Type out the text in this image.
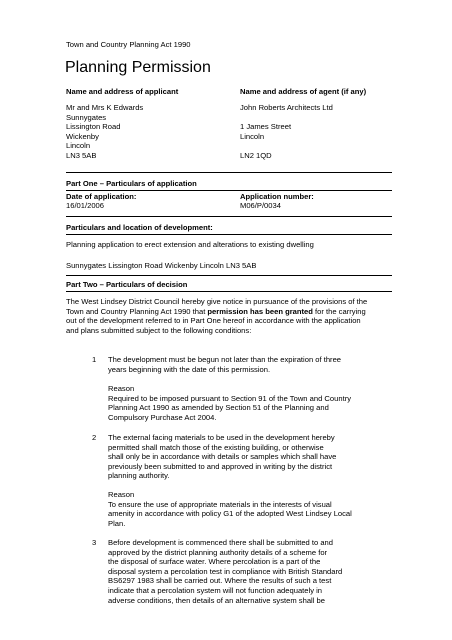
Town and Country Planning Act 1990
Planning Permission
Name and address of applicant
Mr and Mrs K Edwards
Sunnygates
Lissington Road
Wickenby
Lincoln
LN3 5AB
Name and address of agent (if any)
John Roberts Architects Ltd
1 James Street
Lincoln
LN2 1QD
Part One – Particulars of application
Date of application:
16/01/2006
Application number:
M06/P/0034
Particulars and location of development:
Planning application to erect extension and alterations to existing dwelling
Sunnygates Lissington Road Wickenby Lincoln LN3 5AB
Part Two – Particulars of decision
The West Lindsey District Council hereby give notice in pursuance of the provisions of the
Town and Country Planning Act 1990 that permission has been granted for the carrying
out of the development referred to in Part One hereof in accordance with the application
and plans submitted subject to the following conditions:
1 The development must be begun not later than the expiration of three
years beginning with the date of this permission.
Reason
Required to be imposed pursuant to Section 91 of the Town and Country
Planning Act 1990 as amended by Section 51 of the Planning and
Compulsory Purchase Act 2004.
2 The external facing materials to be used in the development hereby
permitted shall match those of the existing building, or otherwise
shall only be in accordance with details or samples which shall have
previously been submitted to and approved in writing by the district
planning authority.
Reason
To ensure the use of appropriate materials in the interests of visual
amenity in accordance with policy G1 of the adopted West Lindsey Local
Plan.
3 Before development is commenced there shall be submitted to and
approved by the district planning authority details of a scheme for
the disposal of surface water. Where percolation is a part of the
disposal system a percolation test in compliance with British Standard
BS6297 1983 shall be carried out. Where the results of such a test
indicate that a percolation system will not function adequately in
adverse conditions, then details of an alternative system shall be
